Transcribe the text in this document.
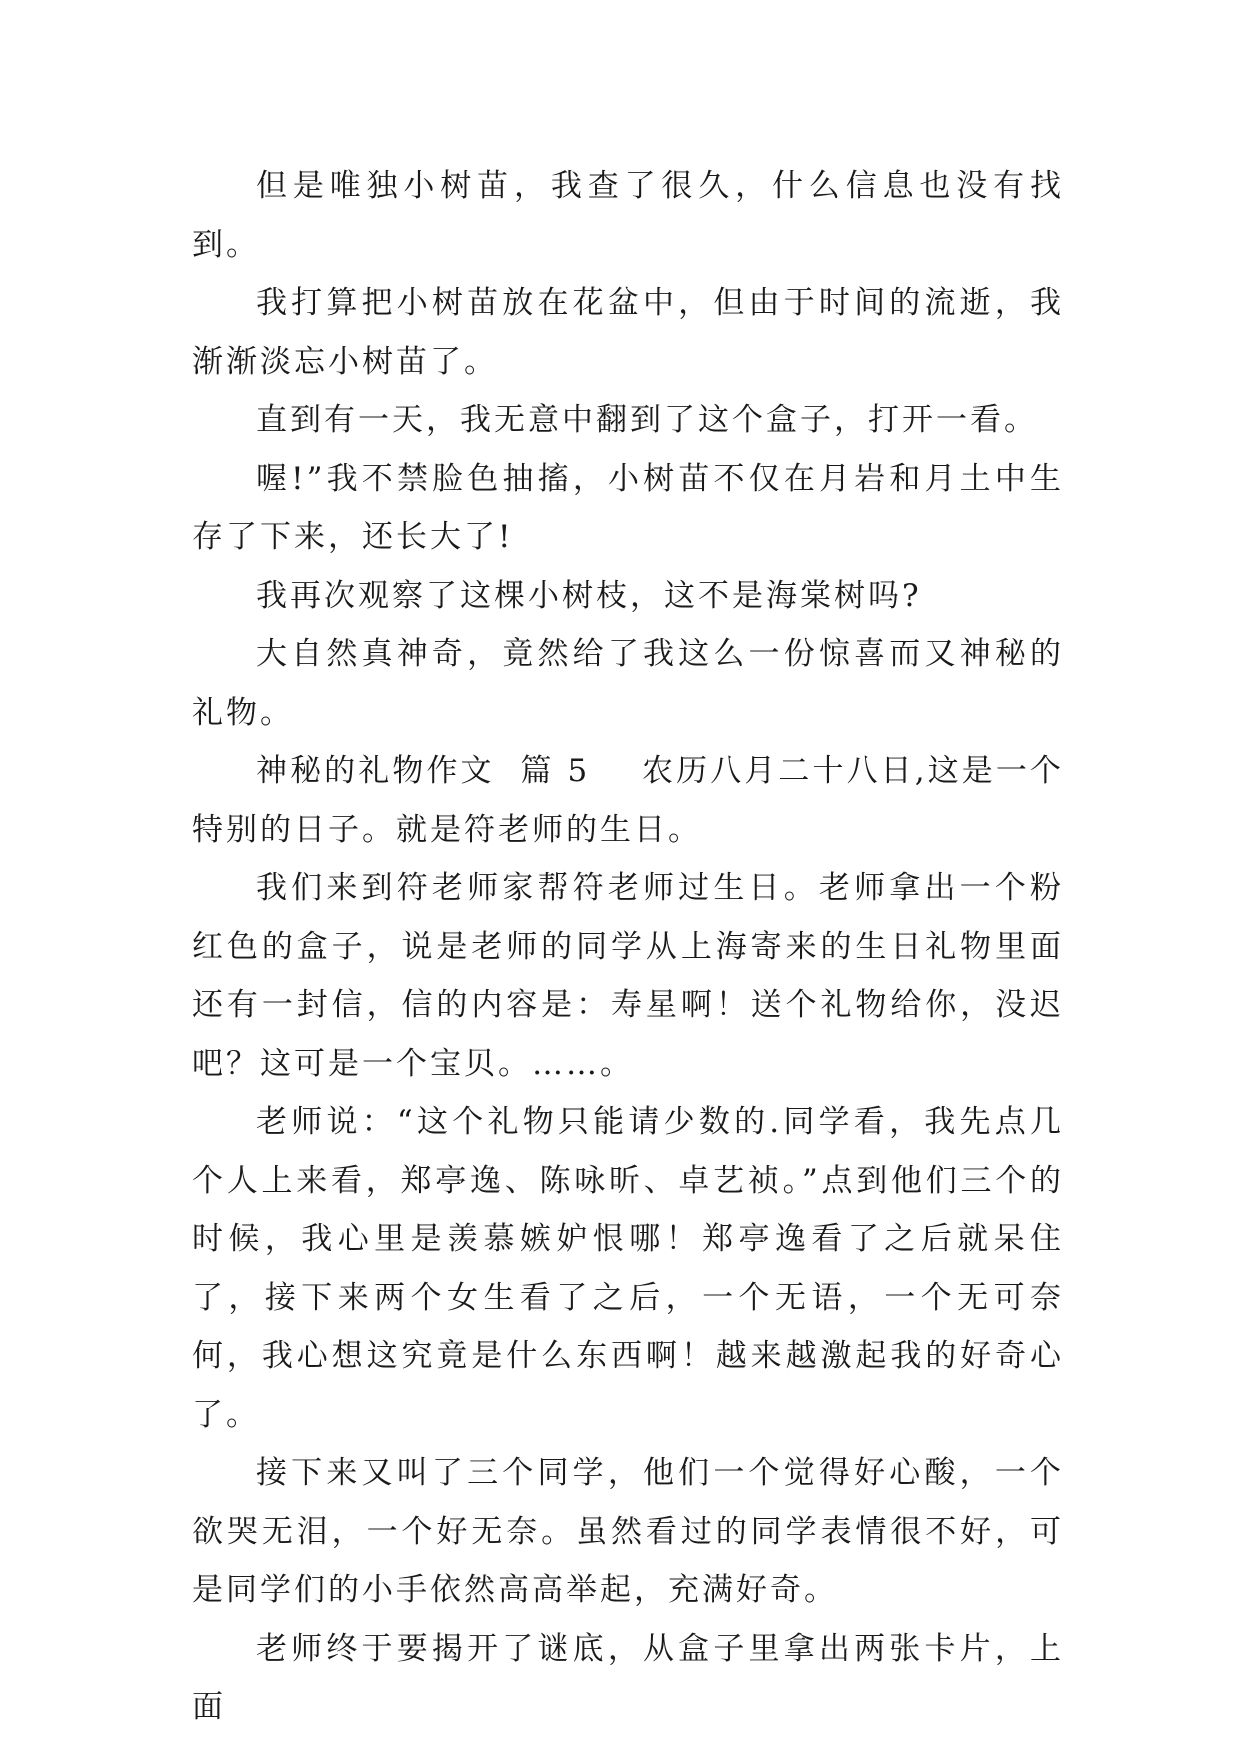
但是唯独小树苗，我查了很久，什么信息也没有找到。

我打算把小树苗放在花盆中，但由于时间的流逝，我渐渐淡忘小树苗了。

直到有一天，我无意中翻到了这个盒子，打开一看。

喔!”我不禁脸色抽搐，小树苗不仅在月岩和月土中生存了下来，还长大了!

我再次观察了这棵小树枝，这不是海棠树吗?

大自然真神奇，竟然给了我这么一份惊喜而又神秘的礼物。

神秘的礼物作文  篇 5    农历八月二十八日,这是一个特别的日子。就是符老师的生日。

我们来到符老师家帮符老师过生日。老师拿出一个粉红色的盒子，说是老师的同学从上海寄来的生日礼物里面还有一封信，信的内容是：寿星啊！送个礼物给你，没迟吧？这可是一个宝贝。……。

老师说：“这个礼物只能请少数的.同学看，我先点几个人上来看，郑亭逸、陈咏昕、卓艺祯。”点到他们三个的时候，我心里是羡慕嫉妒恨哪！郑亭逸看了之后就呆住了，接下来两个女生看了之后，一个无语，一个无可奈何，我心想这究竟是什么东西啊！越来越激起我的好奇心了。

接下来又叫了三个同学，他们一个觉得好心酸，一个欲哭无泪，一个好无奈。虽然看过的同学表情很不好，可是同学们的小手依然高高举起，充满好奇。

老师终于要揭开了谜底，从盒子里拿出两张卡片，上面
